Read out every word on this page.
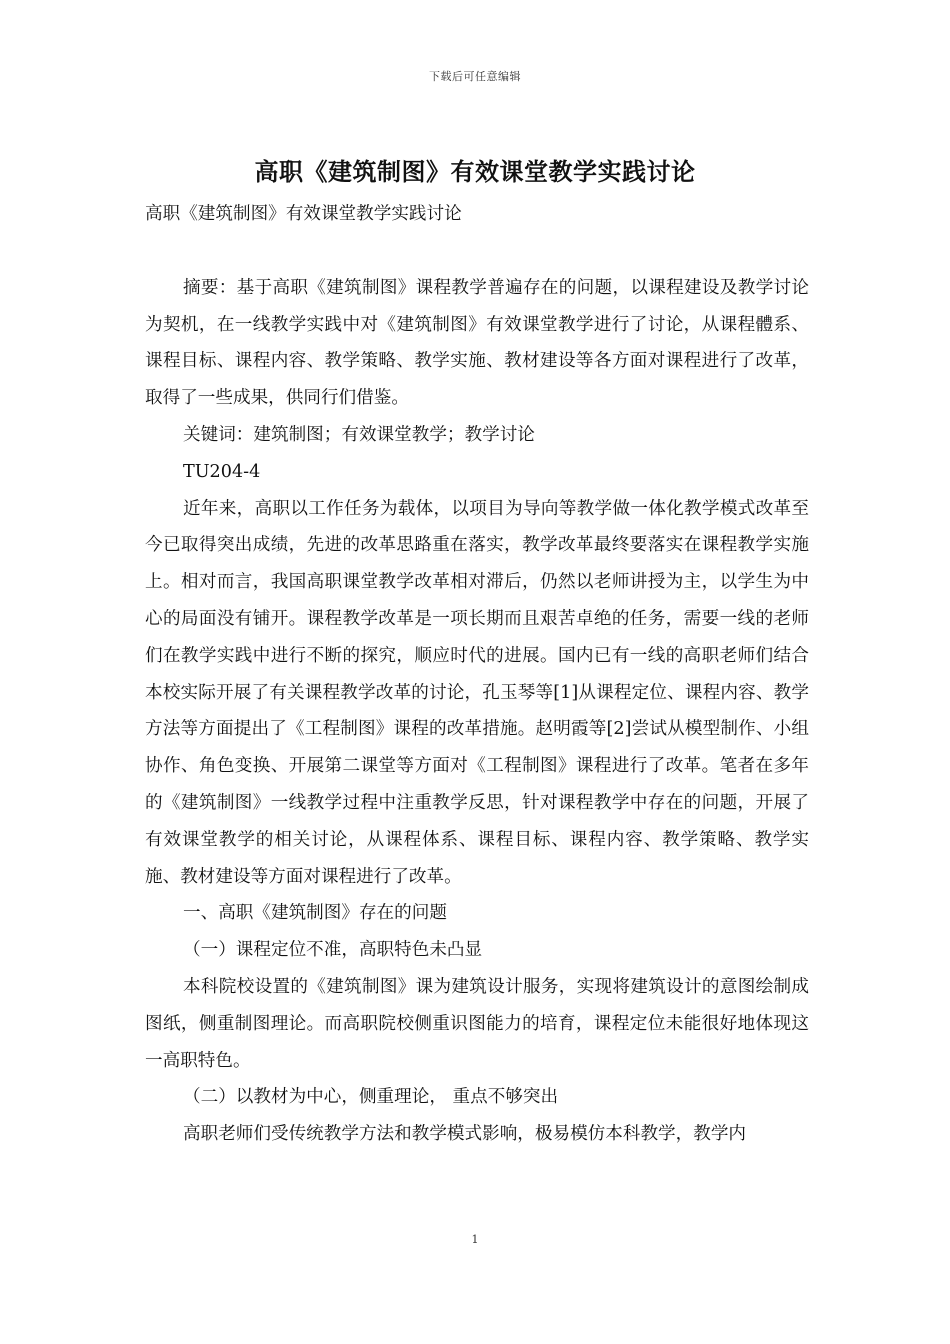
下载后可任意编辑
高职《建筑制图》有效课堂教学实践讨论

高职《建筑制图》有效课堂教学实践讨论

摘要：基于高职《建筑制图》课程教学普遍存在的问题，以课程建设及教学讨论为契机，在一线教学实践中对《建筑制图》有效课堂教学进行了讨论，从课程體系、课程目标、课程内容、教学策略、教学实施、教材建设等各方面对课程进行了改革，取得了一些成果，供同行们借鉴。

关键词：建筑制图；有效课堂教学；教学讨论

TU204-4

近年来，高职以工作任务为载体，以项目为导向等教学做一体化教学模式改革至今已取得突出成绩，先进的改革思路重在落实，教学改革最终要落实在课程教学实施上。相对而言，我国高职课堂教学改革相对滞后，仍然以老师讲授为主，以学生为中心的局面没有铺开。课程教学改革是一项长期而且艰苦卓绝的任务，需要一线的老师们在教学实践中进行不断的探究，顺应时代的进展。国内已有一线的高职老师们结合本校实际开展了有关课程教学改革的讨论，孔玉琴等[1]从课程定位、课程内容、教学方法等方面提出了《工程制图》课程的改革措施。赵明霞等[2]尝试从模型制作、小组协作、角色变换、开展第二课堂等方面对《工程制图》课程进行了改革。笔者在多年的《建筑制图》一线教学过程中注重教学反思，针对课程教学中存在的问题，开展了有效课堂教学的相关讨论，从课程体系、课程目标、课程内容、教学策略、教学实施、教材建设等方面对课程进行了改革。

一、高职《建筑制图》存在的问题

（一）课程定位不准，高职特色未凸显

本科院校设置的《建筑制图》课为建筑设计服务，实现将建筑设计的意图绘制成图纸，侧重制图理论。而高职院校侧重识图能力的培育，课程定位未能很好地体现这一高职特色。

（二）以教材为中心，侧重理论， 重点不够突出

高职老师们受传统教学方法和教学模式影响，极易模仿本科教学，教学内

1
